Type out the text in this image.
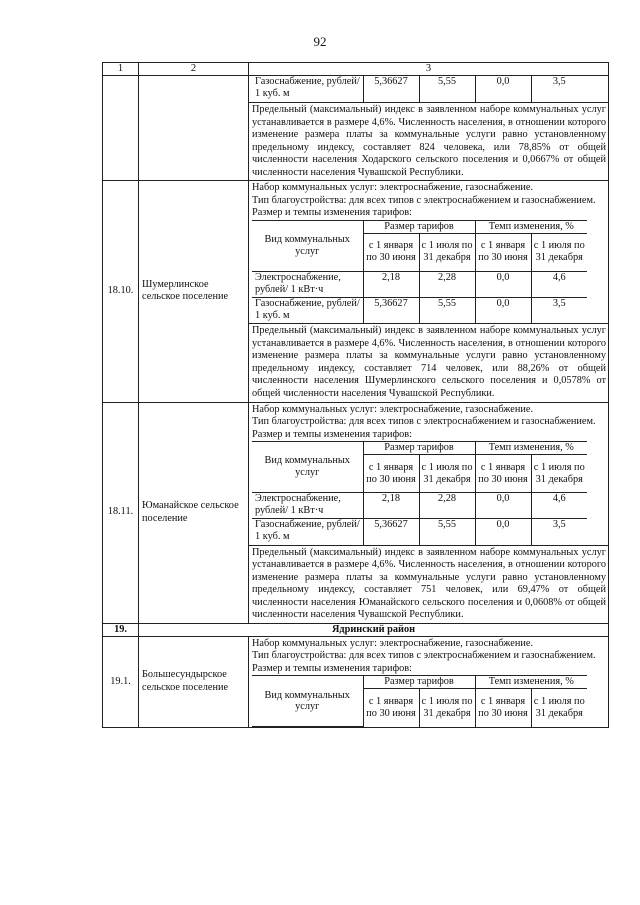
92
1	2	3

Газоснабжение, рублей/ 1 куб. м	5,36627	5,55	0,0	3,5
Предельный (максимальный) индекс в заявленном наборе коммунальных услуг устанавливается в размере 4,6%. Численность населения, в отношении которого изменение размера платы за коммунальные услуги равно установленному предельному индексу, составляет 824 человека, или 78,85% от общей численности населения Ходарского сельского поселения и 0,0667% от общей численности населения Чувашской Республики.

18.10.	Шумерлинское сельское поселение	

Набор коммунальных услуг: электроснабжение, газоснабжение.

Тип благоустройства: для всех типов с электроснабжением и газоснабжением.

Размер и темпы изменения тарифов:

Вид коммунальных услуг	Размер тарифов	Темп изменения, %
с 1 января по 30 июня	с 1 июля по 31 декабря	с 1 января по 30 июня	с 1 июля по 31 декабря
Электроснабжение, рублей/ 1 кВт·ч	2,18	2,28	0,0	4,6
Газоснабжение, рублей/ 1 куб. м	5,36627	5,55	0,0	3,5
Предельный (максимальный) индекс в заявленном наборе коммунальных услуг устанавливается в размере 4,6%. Численность населения, в отношении которого изменение размера платы за коммунальные услуги равно установленному предельному индексу, составляет 714 человек, или 88,26% от общей численности населения Шумерлинского сельского поселения и 0,0578% от общей численности населения Чувашской Республики.

18.11.	Юманайское сельское поселение	

Набор коммунальных услуг: электроснабжение, газоснабжение.

Тип благоустройства: для всех типов с электроснабжением и газоснабжением.

Размер и темпы изменения тарифов:

Вид коммунальных услуг	Размер тарифов	Темп изменения, %
с 1 января по 30 июня	с 1 июля по 31 декабря	с 1 января по 30 июня	с 1 июля по 31 декабря
Электроснабжение, рублей/ 1 кВт·ч	2,18	2,28	0,0	4,6
Газоснабжение, рублей/ 1 куб. м	5,36627	5,55	0,0	3,5
Предельный (максимальный) индекс в заявленном наборе коммунальных услуг устанавливается в размере 4,6%. Численность населения, в отношении которого изменение размера платы за коммунальные услуги равно установленному предельному индексу, составляет 751 человек, или 69,47% от общей численности населения Юманайского сельского поселения и 0,0608% от общей численности населения Чувашской Республики.

19.	Ядринский район
19.1.	Большесундырское сельское поселение	

Набор коммунальных услуг: электроснабжение, газоснабжение.

Тип благоустройства: для всех типов с электроснабжением и газоснабжением.

Размер и темпы изменения тарифов:

Вид коммунальных услуг	Размер тарифов	Темп изменения, %
с 1 января по 30 июня	с 1 июля по 31 декабря	с 1 января по 30 июня	с 1 июля по 31 декабря
